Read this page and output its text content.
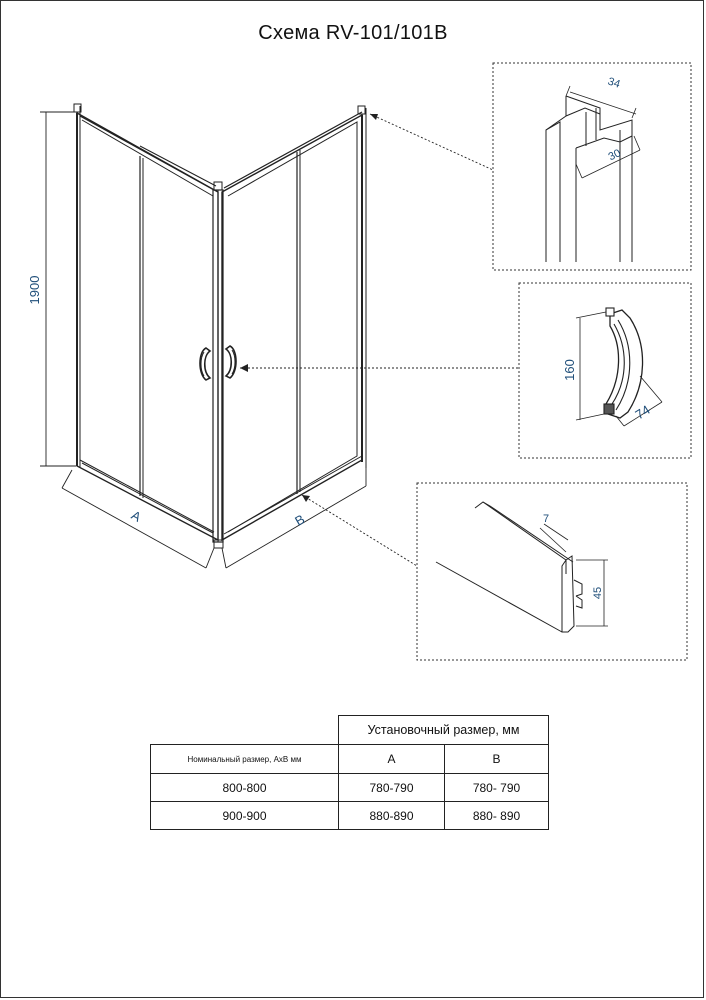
Схема RV-101/101B
1900
A	B
34
30
160
74
7
45
Установочный размер, мм
Номинальный размер, АхВ мм	A	B
800-800	780-790	780- 790
900-900	880-890	880- 890
